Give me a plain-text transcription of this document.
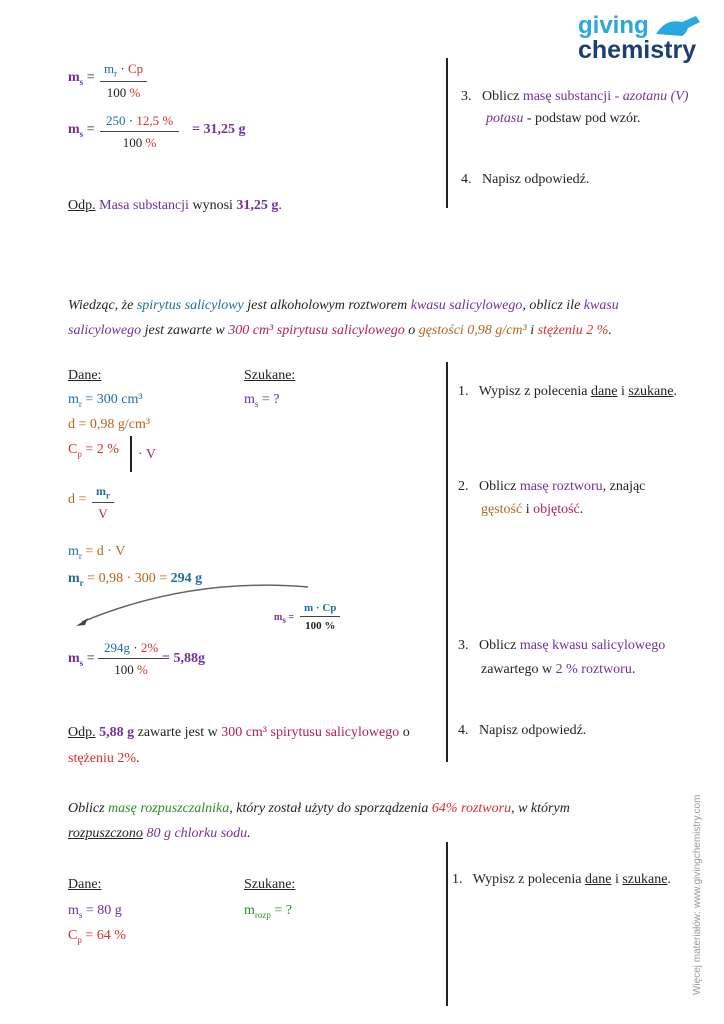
giving
chemistry
Więcej materiałów: www.givingchemistry.com
$m_s = \frac{m_r \cdot Cp}{100 \%}$
$m_s = \frac{250 \cdot 12,5 \%}{100 \%} = 31,25$ g
Odp. Masa substancji wynosi 31,25 g.
3. Oblicz masę substancji - azotanu (V)
potasu - podstaw pod wzór.
4. Napisz odpowiedź.
Wiedząc, że spirytus salicylowy jest alkoholowym roztworem kwasu salicylowego, oblicz ile kwasu
salicylowego jest zawarte w 300 cm³ spirytusu salicylowego o gęstości 0,98 g/cm³ i stężeniu 2 %.
Dane:	Szukane:
$m_r = 300$ cm³	$m_s$ = ?
d = 0,98 g/cm³
$C_p = 2$ % · V
$d = \frac{m_r}{V}$
$m_r = d \cdot V$
$m_r = 0,98 \cdot 300 = 294$ g
$m_s = \frac{m \cdot Cp}{100 \%}$
$m_s = \frac{294g \cdot 2\%}{100 \%}$
= 5,88g
Odp. 5,88 g zawarte jest w 300 cm³ spirytusu salicylowego o
stężeniu 2%.
1. Wypisz z polecenia dane i szukane.
2. Oblicz masę roztworu, znając
gęstość i objętość.
3. Oblicz masę kwasu salicylowego
zawartego w 2 % roztworu.
4. Napisz odpowiedź.
Oblicz masę rozpuszczalnika, który został użyty do sporządzenia 64% roztworu, w którym
rozpuszczono 80 g chlorku sodu.
Dane:	Szukane:
$m_s = 80$ g	$m_{rozp}$ = ?
$C_p = 64$ %
1. Wypisz z polecenia dane i szukane.
